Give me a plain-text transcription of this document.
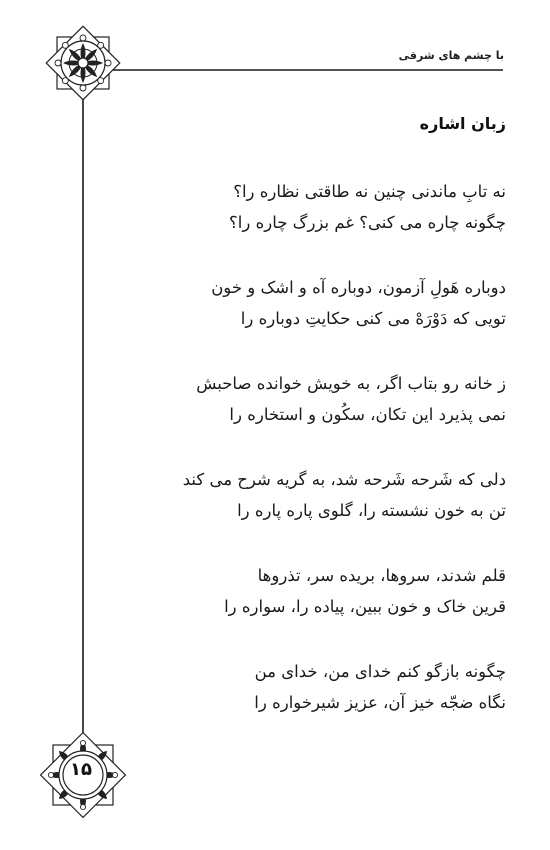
با چشم های شرقی
زبان اشاره
نه تابِ ماندنی چنین نه طاقتی نظاره را؟
چگونه چاره می کنی؟ غم بزرگ چاره را؟
دوباره هَولِ آزمون، دوباره آه و اشک و خون
تویی که دَوْرَهْ می کنی حکایتِ دوباره را
ز خانه رو بتاب اگر، به خویش خوانده صاحبش
نمی پذیرد این تکان، سکُون و استخاره را
دلی که شَرحه شَرحه شد، به گریه شرح می کند
تن به خون نشسته را، گلوی پاره پاره را
قلم شدند، سروها، بریده سر، تذروها
قرین خاک و خون ببین، پیاده را، سواره را
چگونه بازگو کنم خدای من، خدای من
نگاه ضجّه خیز آن، عزیز شیرخواره را
۱۵
